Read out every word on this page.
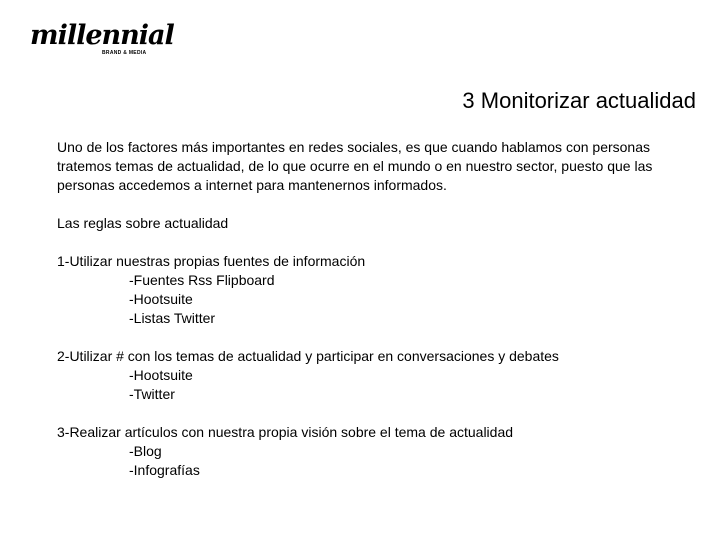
millennial
BRAND & MEDIA
3 Monitorizar actualidad

Uno de los factores más importantes en redes sociales, es que cuando hablamos con personas

tratemos temas de actualidad, de lo que ocurre en el mundo o en nuestro sector, puesto que las

personas accedemos a internet para mantenernos informados.

Las reglas sobre actualidad

1-Utilizar nuestras propias fuentes de información

-Fuentes Rss Flipboard

-Hootsuite

-Listas Twitter

2-Utilizar # con los temas de actualidad y participar en conversaciones y debates

-Hootsuite

-Twitter

3-Realizar artículos con nuestra propia visión sobre el tema de actualidad

-Blog

-Infografías
